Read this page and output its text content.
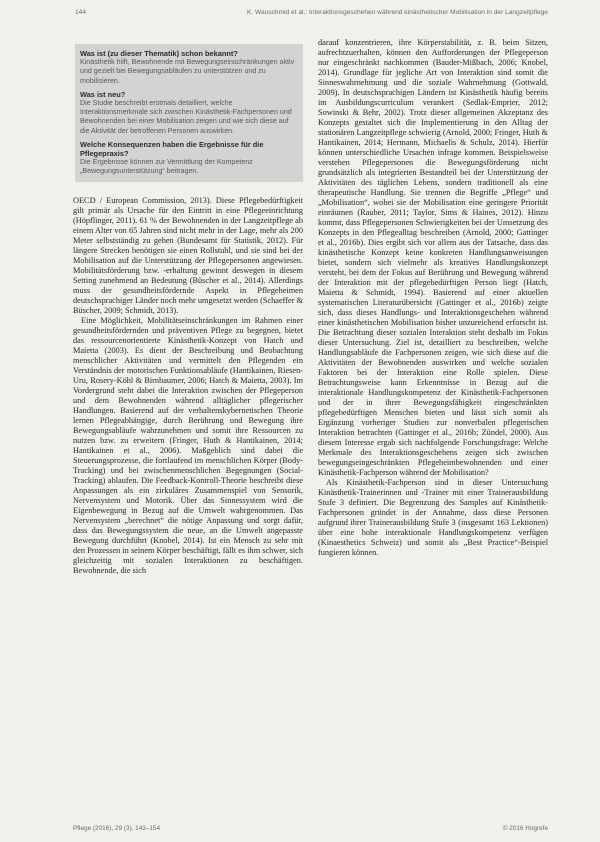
144	K. Wauschmid et al.: Interaktionsgeschehen während kinästhetischer Mobilisation in der Langzeitpflege
Was ist (zu dieser Thematik) schon bekannt?
Kinästhetik hilft, Bewohnende mit Bewegungseinschränkungen aktiv und gezielt bei Bewegungsabläufen zu unterstützen und zu mobilisieren.
Was ist neu?
Die Studie beschreibt erstmals detailliert, welche Interaktionsmerkmale sich zwischen Kinästhetik-Fachpersonen und Bewohnenden bei einer Mobilisation zeigen und wie sich diese auf die Aktivität der betroffenen Personen auswirken.
Welche Konsequenzen haben die Ergebnisse für die Pflegepraxis?
Die Ergebnisse können zur Vermittlung der Kompetenz „Bewegungsunterstützung“ beitragen.

OECD / European Commission, 2013). Diese Pflegebedürftigkeit gilt primär als Ursache für den Eintritt in eine Pflegeeinrichtung (Höpflinger, 2011). 61 % der Bewohnenden in der Langzeitpflege ab einem Alter von 65 Jahren sind nicht mehr in der Lage, mehr als 200 Meter selbstständig zu gehen (Bundesamt für Statistik, 2012). Für längere Strecken benötigen sie einen Rollstuhl, und sie sind bei der Mobilisation auf die Unterstützung der Pflegepersonen angewiesen. Mobilitätsförderung bzw. -erhaltung gewinnt deswegen in diesem Setting zunehmend an Bedeutung (Büscher et al., 2014). Allerdings muss der gesundheitsfördernde Aspekt in Pflegeheimen deutschsprachiger Länder noch mehr umgesetzt werden (Schaeffer & Büscher, 2009; Schmidt, 2013).

Eine Möglichkeit, Mobilitätseinschränkungen im Rahmen einer gesundheitsfördernden und präventiven Pflege zu begegnen, bietet das ressourcenorientierte Kinästhetik-Konzept von Hatch und Maietta (2003). Es dient der Beschreibung und Beobachtung menschlicher Aktivitäten und vermittelt den Pflegenden ein Verständnis der motorischen Funktionsabläufe (Hantikainen, Riesen-Uru, Rosery-Köhl & Birnbaumer, 2006; Hatch & Maietta, 2003). Im Vordergrund steht dabei die Interaktion zwischen der Pflegeperson und dem Bewohnenden während alltäglicher pflegerischer Handlungen. Basierend auf der verhaltenskybernetischen Theorie lernen Pflegeabhängige, durch Berührung und Bewegung ihre Bewegungsabläufe wahrzunehmen und somit ihre Ressourcen zu nutzen bzw. zu erweitern (Fringer, Huth & Hantikainen, 2014; Hantikainen et al., 2006). Maßgeblich sind dabei die Steuerungsprozesse, die fortlaufend im menschlichen Körper (Body-Tracking) und bei zwischenmenschlichen Begegnungen (Social-Tracking) ablaufen. Die Feedback-Kontroll-Theorie beschreibt diese Anpassungen als ein zirkuläres Zusammenspiel von Sensorik, Nervensystem und Motorik. Über das Sinnessystem wird die Eigenbewegung in Bezug auf die Umwelt wahrgenommen. Das Nervensystem „berechnet“ die nötige Anpassung und sorgt dafür, dass das Bewegungssystem die neue, an die Umwelt angepasste Bewegung durchführt (Knobel, 2014). Ist ein Mensch zu sehr mit den Prozessen in seinem Körper beschäftigt, fällt es ihm schwer, sich gleichzeitig mit sozialen Interaktionen zu beschäftigen. Bewohnende, die sich

darauf konzentrieren, ihre Körperstabilität, z. B. beim Sitzen, aufrechtzuerhalten, können den Aufforderungen der Pflegeperson nur eingeschränkt nachkommen (Bauder-Mißbach, 2006; Knobel, 2014). Grundlage für jegliche Art von Interaktion sind somit die Sinneswahrnehmung und die soziale Wahrnehmung (Gottwald, 2009). In deutschsprachigen Ländern ist Kinästhetik häufig bereits im Ausbildungscurriculum verankert (Sedlak-Emprier, 2012; Sowinski & Behr, 2002). Trotz dieser allgemeinen Akzeptanz des Konzepts gestaltet sich die Implementierung in den Alltag der stationären Langzeitpflege schwierig (Arnold, 2000; Fringer, Huth & Hantikainen, 2014; Hermann, Michaelis & Schulz, 2014). Hierfür können unterschiedliche Ursachen infrage kommen. Beispielsweise verstehen Pflegepersonen die Bewegungsförderung nicht grundsätzlich als integrierten Bestandteil bei der Unterstützung der Aktivitäten des täglichen Lebens, sondern traditionell als eine therapeutische Handlung. Sie trennen die Begriffe „Pflege“ und „Mobilisation“, wobei sie der Mobilisation eine geringere Priorität einräumen (Rauber, 2011; Taylor, Sims & Haines, 2012). Hinzu kommt, dass Pflegepersonen Schwierigkeiten bei der Umsetzung des Konzepts in den Pflegealltag beschreiben (Arnold, 2000; Gattinger et al., 2016b). Dies ergibt sich vor allem aus der Tatsache, dass das kinästhetische Konzept keine konkreten Handlungsanweisungen bietet, sondern sich vielmehr als kreatives Handlungskonzept versteht, bei dem der Fokus auf Berührung und Bewegung während der Interaktion mit der pflegebedürftigen Person liegt (Hatch, Maietta & Schmidt, 1994). Basierend auf einer aktuellen systematischen Literaturübersicht (Gattinger et al., 2016b) zeigte sich, dass dieses Handlungs- und Interaktionsgeschehen während einer kinästhetischen Mobilisation bisher unzureichend erforscht ist. Die Betrachtung dieser sozialen Interaktion steht deshalb im Fokus dieser Untersuchung. Ziel ist, detailliert zu beschreiben, welche Handlungsabläufe die Fachpersonen zeigen, wie sich diese auf die Aktivitäten der Bewohnenden auswirken und welche sozialen Faktoren bei der Interaktion eine Rolle spielen. Diese Betrachtungsweise kann Erkenntnisse in Bezug auf die interaktionale Handlungskompetenz der Kinästhetik-Fachpersonen und der in ihrer Bewegungsfähigkeit eingeschränkten pflegebedürftigen Menschen bieten und lässt sich somit als Ergänzung vorheriger Studien zur nonverbalen pflegerischen Interaktion betrachten (Gattinger et al., 2016b; Zündel, 2000). Aus diesem Interesse ergab sich nachfolgende Forschungsfrage: Welche Merkmale des Interaktionsgeschehens zeigen sich zwischen bewegungseingeschränkten Pflegeheimbewohnenden und einer Kinästhetik-Fachperson während der Mobilisation?

Als Kinästhetik-Fachperson sind in dieser Untersuchung Kinästhetik-Trainerinnen und -Trainer mit einer Trainerausbildung Stufe 3 definiert. Die Begrenzung des Samples auf Kinästhetik-Fachpersonen gründet in der Annahme, dass diese Personen aufgrund ihrer Trainerausbildung Stufe 3 (insgesamt 163 Lektionen) über eine hohe interaktionale Handlungskompetenz verfügen (Kinaesthetics Schweiz) und somit als „Best Practice“-Beispiel fungieren können.

Pflege (2016), 29 (3), 143–154	© 2016 Hogrefe
